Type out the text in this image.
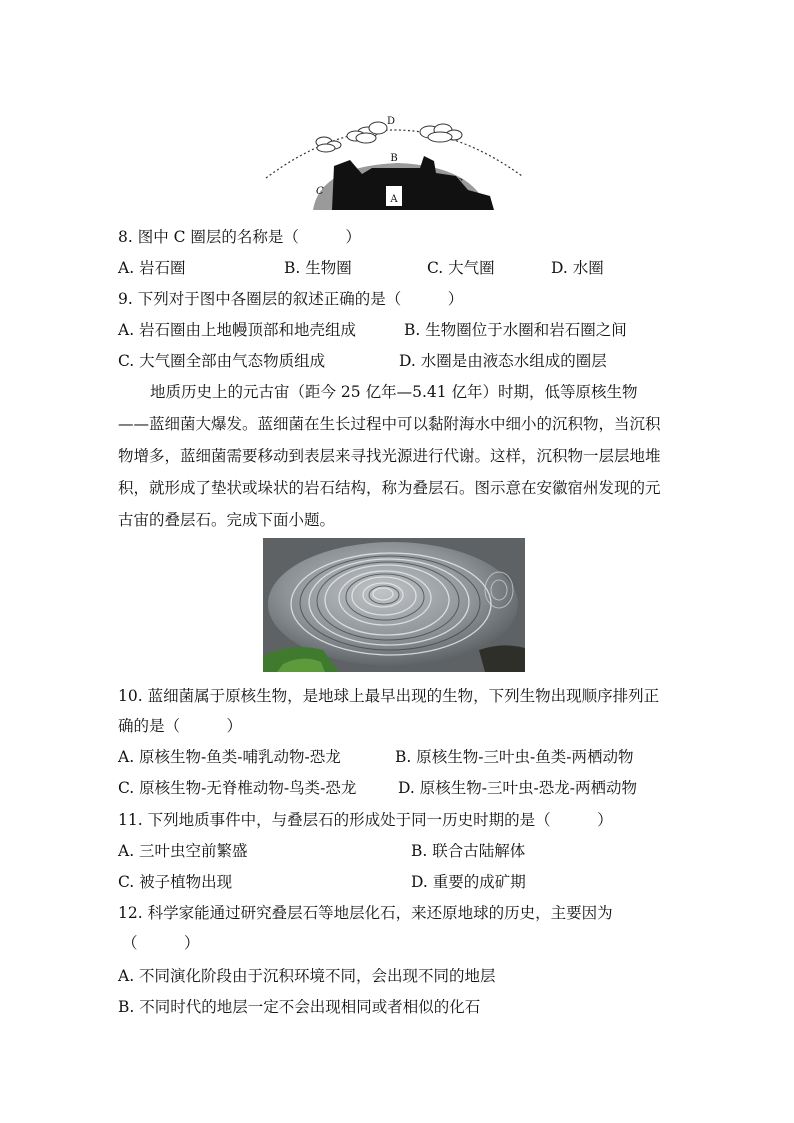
A
B
C
C
D
8. 图中 C 圈层的名称是（　　　）
A. 岩石圈	B. 生物圈	C. 大气圈	D. 水圈
9. 下列对于图中各圈层的叙述正确的是（　　　）
A. 岩石圈由上地幔顶部和地壳组成	B. 生物圈位于水圈和岩石圈之间
C. 大气圈全部由气态物质组成	D. 水圈是由液态水组成的圈层
地质历史上的元古宙（距今 25 亿年—5.41 亿年）时期，低等原核生物
——蓝细菌大爆发。蓝细菌在生长过程中可以黏附海水中细小的沉积物，当沉积
物增多，蓝细菌需要移动到表层来寻找光源进行代谢。这样，沉积物一层层地堆
积，就形成了垫状或垛状的岩石结构，称为叠层石。图示意在安徽宿州发现的元
古宙的叠层石。完成下面小题。
10. 蓝细菌属于原核生物，是地球上最早出现的生物，下列生物出现顺序排列正
确的是（　　　）
A. 原核生物-鱼类-哺乳动物-恐龙	B. 原核生物-三叶虫-鱼类-两栖动物
C. 原核生物-无脊椎动物-鸟类-恐龙	D. 原核生物-三叶虫-恐龙-两栖动物
11. 下列地质事件中，与叠层石的形成处于同一历史时期的是（　　　）
A. 三叶虫空前繁盛	B. 联合古陆解体
C. 被子植物出现	D. 重要的成矿期
12. 科学家能通过研究叠层石等地层化石，来还原地球的历史，主要因为
（　　　）
A. 不同演化阶段由于沉积环境不同，会出现不同的地层
B. 不同时代的地层一定不会出现相同或者相似的化石
